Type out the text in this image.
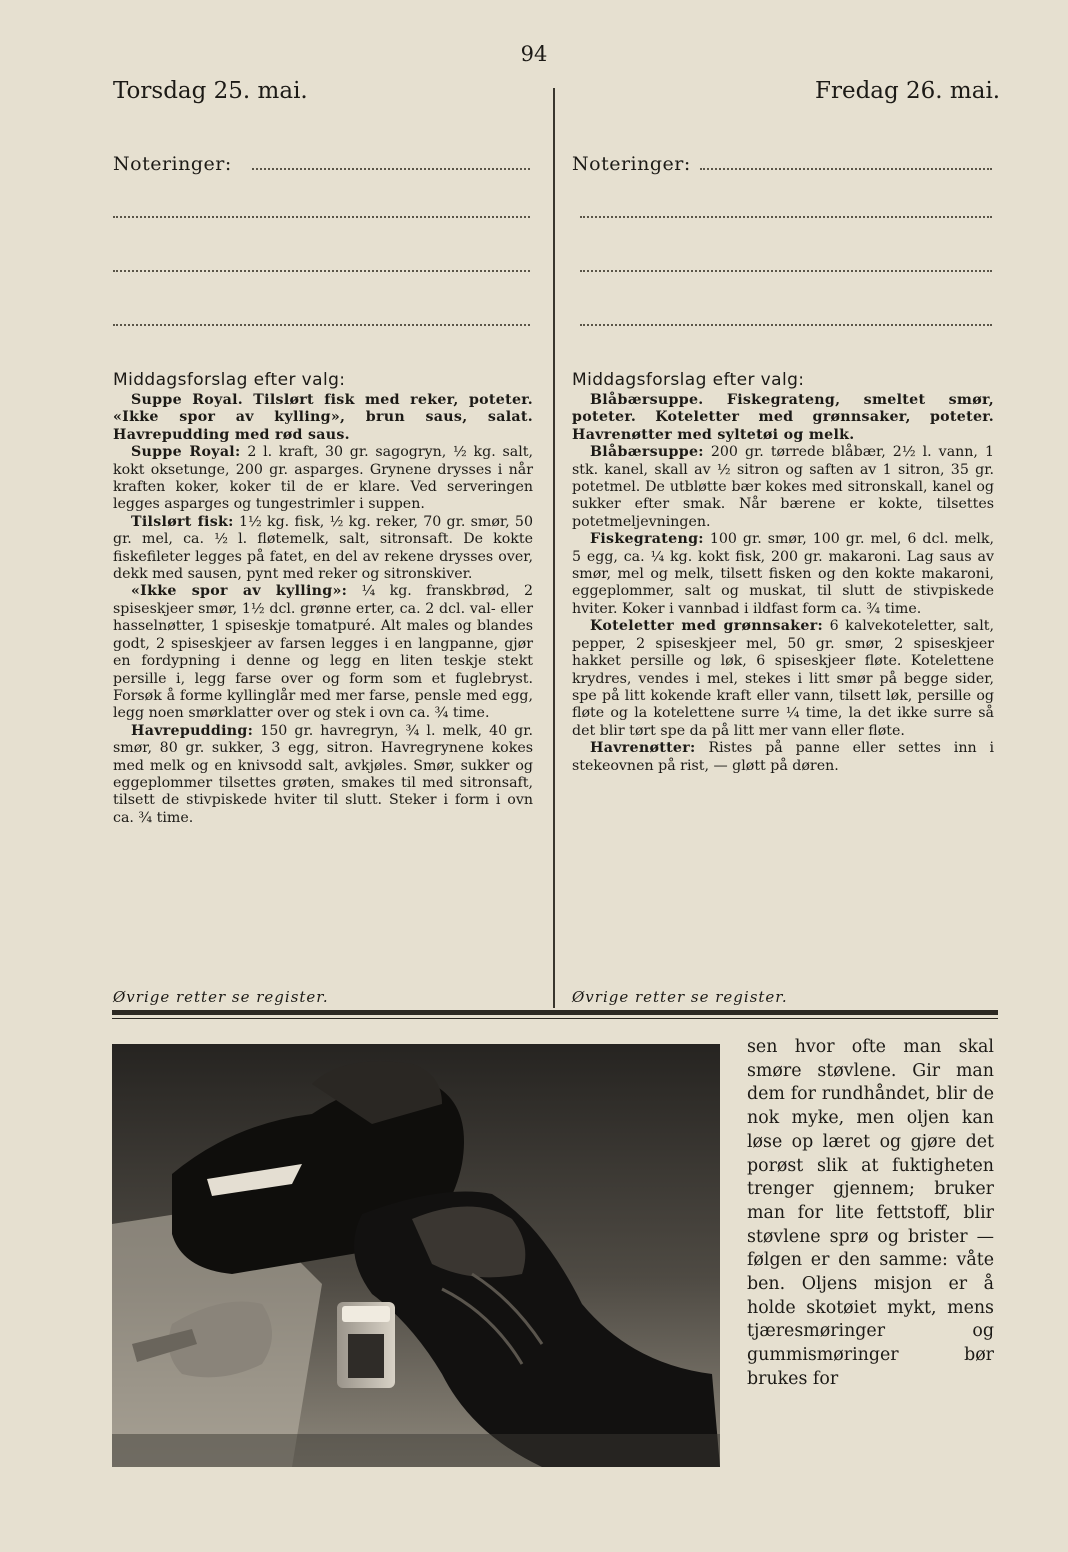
94
Torsdag 25. mai.
Noteringer:
Middagsforslag efter valg:

Suppe Royal. Tilslørt fisk med reker, poteter. «Ikke spor av kylling», brun saus, salat. Havrepudding med rød saus.

Suppe Royal: 2 l. kraft, 30 gr. sagogryn, ½ kg. salt, kokt oksetunge, 200 gr. asparges. Grynene drysses i når kraften koker, koker til de er klare. Ved serveringen legges asparges og tungestrimler i suppen.

Tilslørt fisk: 1½ kg. fisk, ½ kg. reker, 70 gr. smør, 50 gr. mel, ca. ½ l. fløtemelk, salt, sitronsaft. De kokte fiskefileter legges på fatet, en del av rekene drysses over, dekk med sausen, pynt med reker og sitronskiver.

«Ikke spor av kylling»: ¼ kg. franskbrød, 2 spiseskjeer smør, 1½ dcl. grønne erter, ca. 2 dcl. val- eller hasselnøtter, 1 spiseskje tomatpuré. Alt males og blandes godt, 2 spiseskjeer av farsen legges i en langpanne, gjør en fordypning i denne og legg en liten teskje stekt persille i, legg farse over og form som et fuglebryst. Forsøk å forme kyllinglår med mer farse, pensle med egg, legg noen smørklatter over og stek i ovn ca. ¾ time.

Havrepudding: 150 gr. havregryn, ¾ l. melk, 40 gr. smør, 80 gr. sukker, 3 egg, sitron. Havregrynene kokes med melk og en knivsodd salt, avkjøles. Smør, sukker og eggeplommer tilsettes grøten, smakes til med sitronsaft, tilsett de stivpiskede hviter til slutt. Steker i form i ovn ca. ¾ time.

Øvrige retter se register.
Fredag 26. mai.
Noteringer:
Middagsforslag efter valg:

Blåbærsuppe. Fiskegrateng, smeltet smør, poteter. Koteletter med grønnsaker, poteter. Havrenøtter med syltetøi og melk.

Blåbærsuppe: 200 gr. tørrede blåbær, 2½ l. vann, 1 stk. kanel, skall av ½ sitron og saften av 1 sitron, 35 gr. potetmel. De utbløtte bær kokes med sitronskall, kanel og sukker efter smak. Når bærene er kokte, tilsettes potetmeljevningen.

Fiskegrateng: 100 gr. smør, 100 gr. mel, 6 dcl. melk, 5 egg, ca. ¼ kg. kokt fisk, 200 gr. makaroni. Lag saus av smør, mel og melk, tilsett fisken og den kokte makaroni, eggeplommer, salt og muskat, til slutt de stivpiskede hviter. Koker i vannbad i ildfast form ca. ¾ time.

Koteletter med grønnsaker: 6 kalvekoteletter, salt, pepper, 2 spiseskjeer mel, 50 gr. smør, 2 spiseskjeer hakket persille og løk, 6 spiseskjeer fløte. Kotelettene krydres, vendes i mel, stekes i litt smør på begge sider, spe på litt kokende kraft eller vann, tilsett løk, persille og fløte og la kotelettene surre ¼ time, la det ikke surre så det blir tørt spe da på litt mer vann eller fløte.

Havrenøtter: Ristes på panne eller settes inn i stekeovnen på rist, — gløtt på døren.

Øvrige retter se register.
sen hvor ofte man skal smøre støvlene. Gir man dem for rundhåndet, blir de nok myke, men oljen kan løse op læret og gjøre det porøst slik at fuktigheten trenger gjennem; bruker man for lite fettstoff, blir støvlene sprø og brister — følgen er den samme: våte ben. Oljens misjon er å holde skotøiet mykt, mens tjæresmøringer og gummismøringer bør brukes for
